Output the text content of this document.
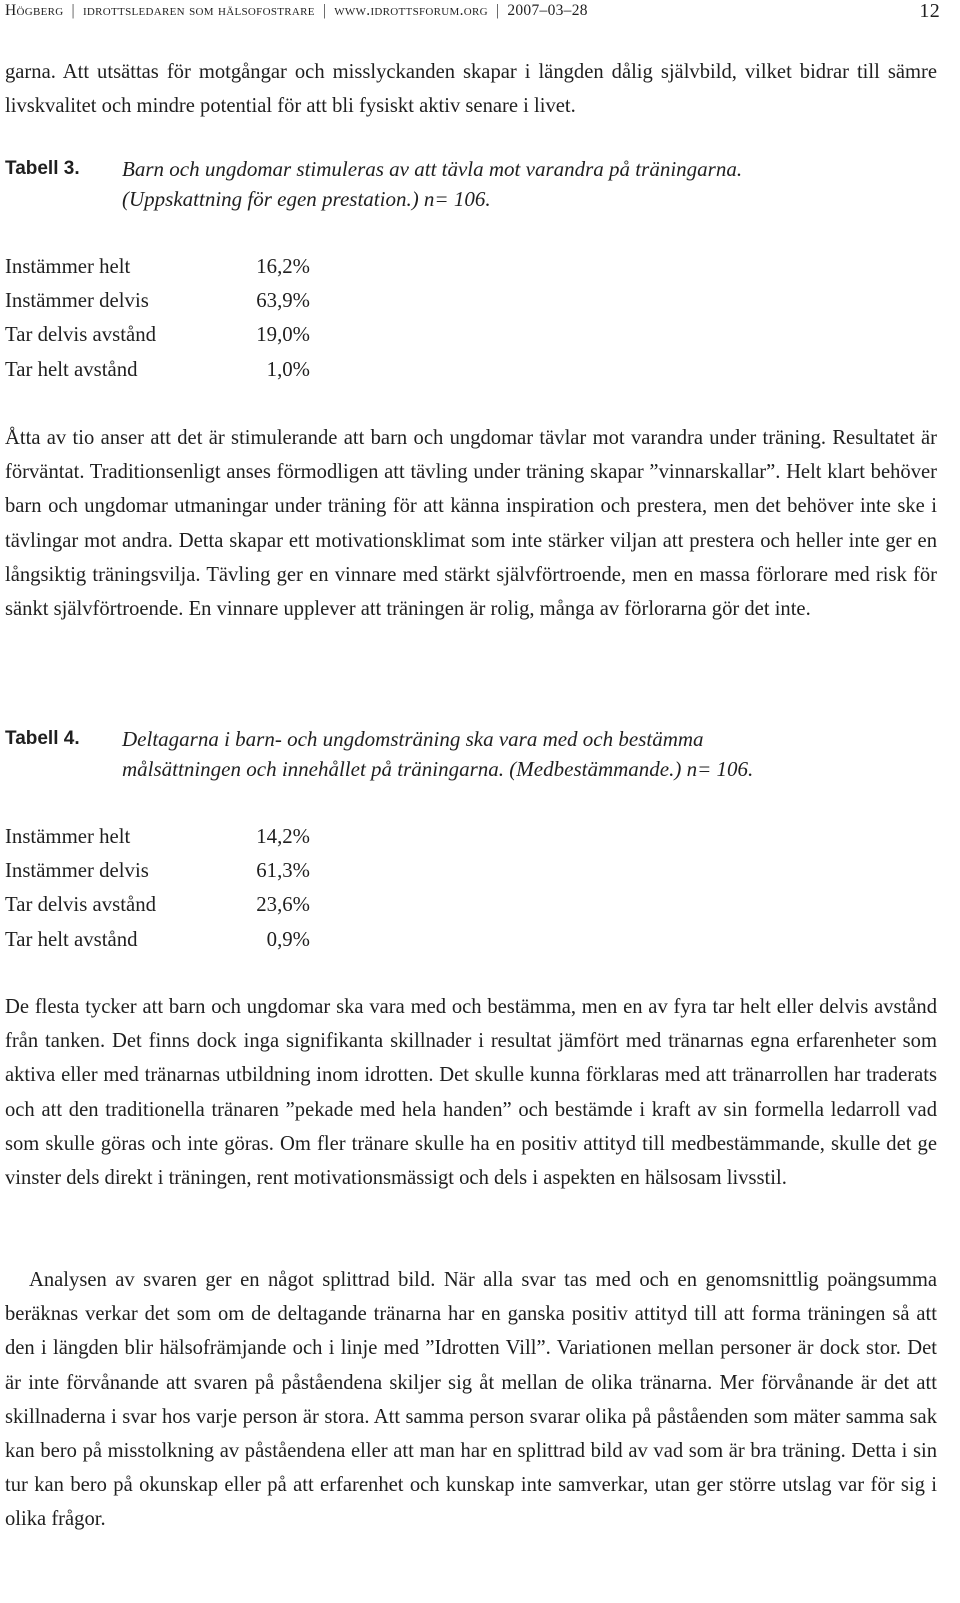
Högberg | idrottsledaren som hälsofostrare | www.idrottsforum.org | 2007–03–28	12

garna. Att utsättas för motgångar och misslyckanden skapar i längden dålig självbild, vilket bidrar till sämre livskvalitet och mindre potential för att bli fysiskt aktiv senare i livet.

Tabell 3. Barn och ungdomar stimuleras av att tävla mot varandra på träningarna.
(Uppskattning för egen prestation.) n= 106.
Instämmer helt	16,2%
Instämmer delvis	63,9%
Tar delvis avstånd	19,0%
Tar helt avstånd	1,0%

Åtta av tio anser att det är stimulerande att barn och ungdomar tävlar mot varandra under träning. Resultatet är förväntat. Traditionsenligt anses förmodligen att tävling under träning skapar ”vinnarskallar”. Helt klart behöver barn och ungdomar utmaningar under träning för att känna inspiration och prestera, men det behöver inte ske i tävlingar mot andra. Detta skapar ett motivationsklimat som inte stärker viljan att prestera och heller inte ger en långsiktig träningsvilja. Tävling ger en vinnare med stärkt självförtroende, men en massa förlorare med risk för sänkt självförtroende. En vinnare upplever att träningen är rolig, många av förlorarna gör det inte.

Tabell 4. Deltagarna i barn- och ungdomsträning ska vara med och bestämma
målsättningen och innehållet på träningarna. (Medbestämmande.) n= 106.
Instämmer helt	14,2%
Instämmer delvis	61,3%
Tar delvis avstånd	23,6%
Tar helt avstånd	0,9%

De flesta tycker att barn och ungdomar ska vara med och bestämma, men en av fyra tar helt eller delvis avstånd från tanken. Det finns dock inga signifikanta skillnader i resultat jämfört med tränarnas egna erfarenheter som aktiva eller med tränarnas utbildning inom idrotten. Det skulle kunna förklaras med att tränarrollen har traderats och att den traditionella tränaren ”pekade med hela handen” och bestämde i kraft av sin formella ledarroll vad som skulle göras och inte göras. Om fler tränare skulle ha en positiv attityd till medbestämmande, skulle det ge vinster dels direkt i träningen, rent motivationsmässigt och dels i aspekten en hälsosam livsstil.

Analysen av svaren ger en något splittrad bild. När alla svar tas med och en genomsnittlig poängsumma beräknas verkar det som om de deltagande tränarna har en ganska positiv attityd till att forma träningen så att den i längden blir hälsofrämjande och i linje med ”Idrotten Vill”. Variationen mellan personer är dock stor. Det är inte förvånande att svaren på påståendena skiljer sig åt mellan de olika tränarna. Mer förvånande är det att skillnaderna i svar hos varje person är stora. Att samma person svarar olika på påståenden som mäter samma sak kan bero på misstolkning av påståendena eller att man har en splittrad bild av vad som är bra träning. Detta i sin tur kan bero på okunskap eller på att erfarenhet och kunskap inte samverkar, utan ger större utslag var för sig i olika frågor.
